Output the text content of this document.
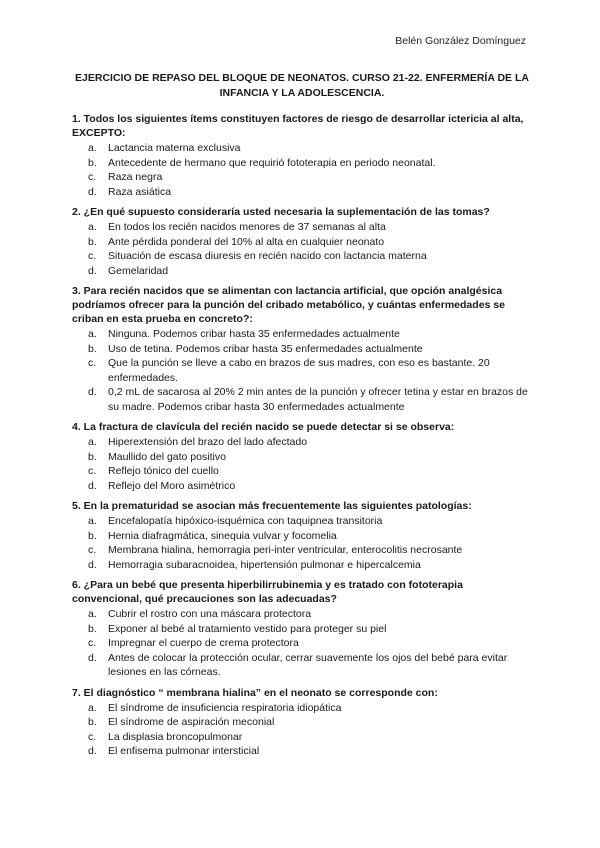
Belén González Domínguez
EJERCICIO DE REPASO DEL BLOQUE DE NEONATOS. CURSO 21-22. ENFERMERÍA DE LA INFANCIA Y LA ADOLESCENCIA.
1. Todos los siguientes ítems constituyen factores de riesgo de desarrollar ictericia al alta, EXCEPTO:
a. Lactancia materna exclusiva
b. Antecedente de hermano que requirió fototerapia en periodo neonatal.
c. Raza negra
d. Raza asiática
2. ¿En qué supuesto consideraría usted necesaria la suplementación de las tomas?
a. En todos los recién nacidos menores de 37 semanas al alta
b. Ante pérdida ponderal del 10% al alta en cualquier neonato
c. Situación de escasa diuresis en recién nacido con lactancia materna
d. Gemelaridad
3. Para recién nacidos que se alimentan con lactancia artificial, que opción analgésica podríamos ofrecer para la punción del cribado metabólico, y cuántas enfermedades se criban en esta prueba en concreto?:
a. Ninguna. Podemos cribar hasta 35 enfermedades actualmente
b. Uso de tetina. Podemos cribar hasta 35 enfermedades actualmente
c. Que la punción se lleve a cabo en brazos de sus madres, con eso es bastante. 20 enfermedades.
d. 0,2 mL de sacarosa al 20% 2 min antes de la punción y ofrecer tetina y estar en brazos de su madre. Podemos cribar hasta 30 enfermedades actualmente
4. La fractura de clavícula del recién nacido se puede detectar si se observa:
a. Hiperextensión del brazo del lado afectado
b. Maullido del gato positivo
c. Reflejo tónico del cuello
d. Reflejo del Moro asimétrico
5. En la prematuridad se asocian más frecuentemente las siguientes patologías:
a. Encefalopatía hipóxico-isquémica con taquipnea transitoria
b. Hernia diafragmática, sinequia vulvar y focomelia
c. Membrana hialina, hemorragia peri-inter ventricular, enterocolitis necrosante
d. Hemorragia subaracnoidea, hipertensión pulmonar e hipercalcemia
6. ¿Para un bebé que presenta hiperbilirrubinemia y es tratado con fototerapia convencional, qué precauciones son las adecuadas?
a. Cubrir el rostro con una máscara protectora
b. Exponer al bebé al tratamiento vestido para proteger su piel
c. Impregnar el cuerpo de crema protectora
d. Antes de colocar la protección ocular, cerrar suavemente los ojos del bebé para evitar lesiones en las córneas.
7. El diagnóstico “ membrana hialina” en el neonato se corresponde con:
a. El síndrome de insuficiencia respiratoria idiopática
b. El síndrome de aspiración meconial
c. La displasia broncopulmonar
d. El enfisema pulmonar intersticial
